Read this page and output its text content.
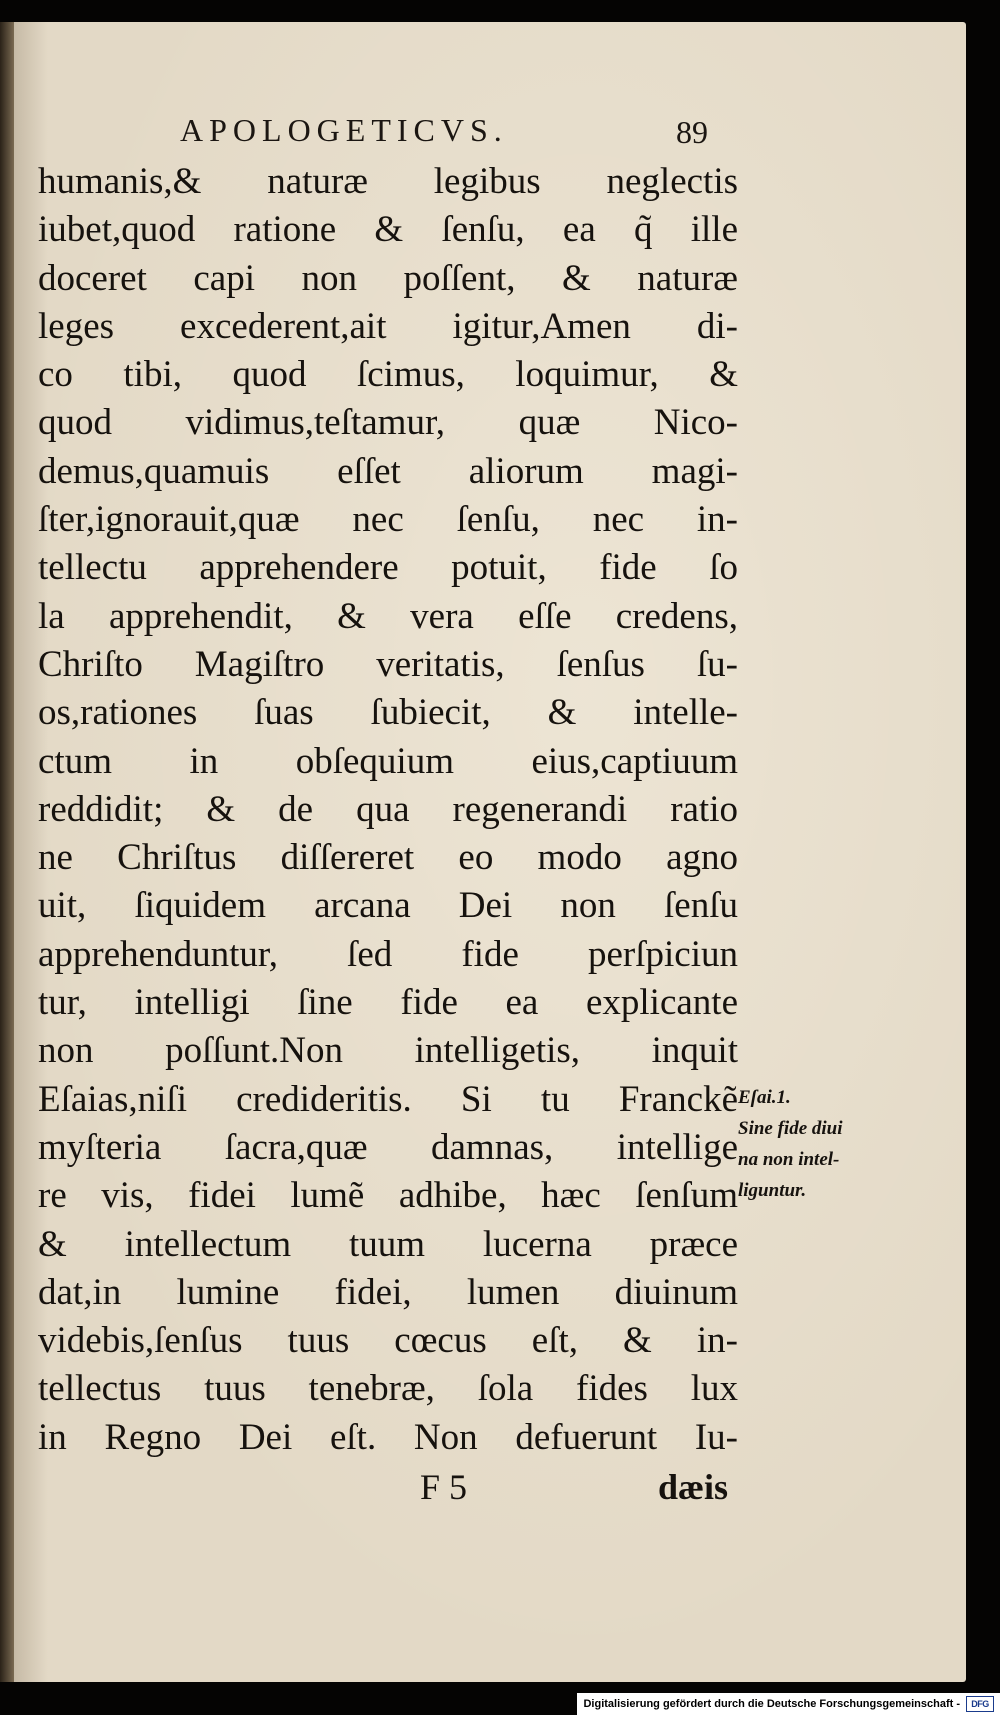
APOLOGETICVS.	89
humanis,& naturæ legibus neglectis
iubet,quod ratione & ſenſu, ea q̃ ille
doceret capi non poſſent, & naturæ
leges excederent,ait igitur,Amen di-
co tibi, quod ſcimus, loquimur, &
quod vidimus,teſtamur, quæ Nico-
demus,quamuis eſſet aliorum magi-
ſter,ignorauit,quæ nec ſenſu, nec in-
tellectu apprehendere potuit, fide ſo
la apprehendit, & vera eſſe credens,
Chriſto Magiſtro veritatis, ſenſus ſu-
os,rationes ſuas ſubiecit, & intelle-
ctum in obſequium eius,captiuum
reddidit; & de qua regenerandi ratio
ne Chriſtus diſſereret eo modo agno
uit, ſiquidem arcana Dei non ſenſu
apprehenduntur, ſed fide perſpiciun
tur, intelligi ſine fide ea explicante
non poſſunt.Non intelligetis, inquit
Eſaias,niſi credideritis. Si tu Franckẽ
myſteria ſacra,quæ damnas, intellige
re vis, fidei lumẽ adhibe, hæc ſenſum
& intellectum tuum lucerna præce
dat,in lumine fidei, lumen diuinum
videbis,ſenſus tuus cœcus eſt, & in-
tellectus tuus tenebræ, ſola fides lux
in Regno Dei eſt. Non defuerunt Iu-
F 5	dæis
Eſai.1.
Sine fide diui
na non intel-
liguntur.
Digitalisierung gefördert durch die Deutsche Forschungsgemeinschaft - DFG
